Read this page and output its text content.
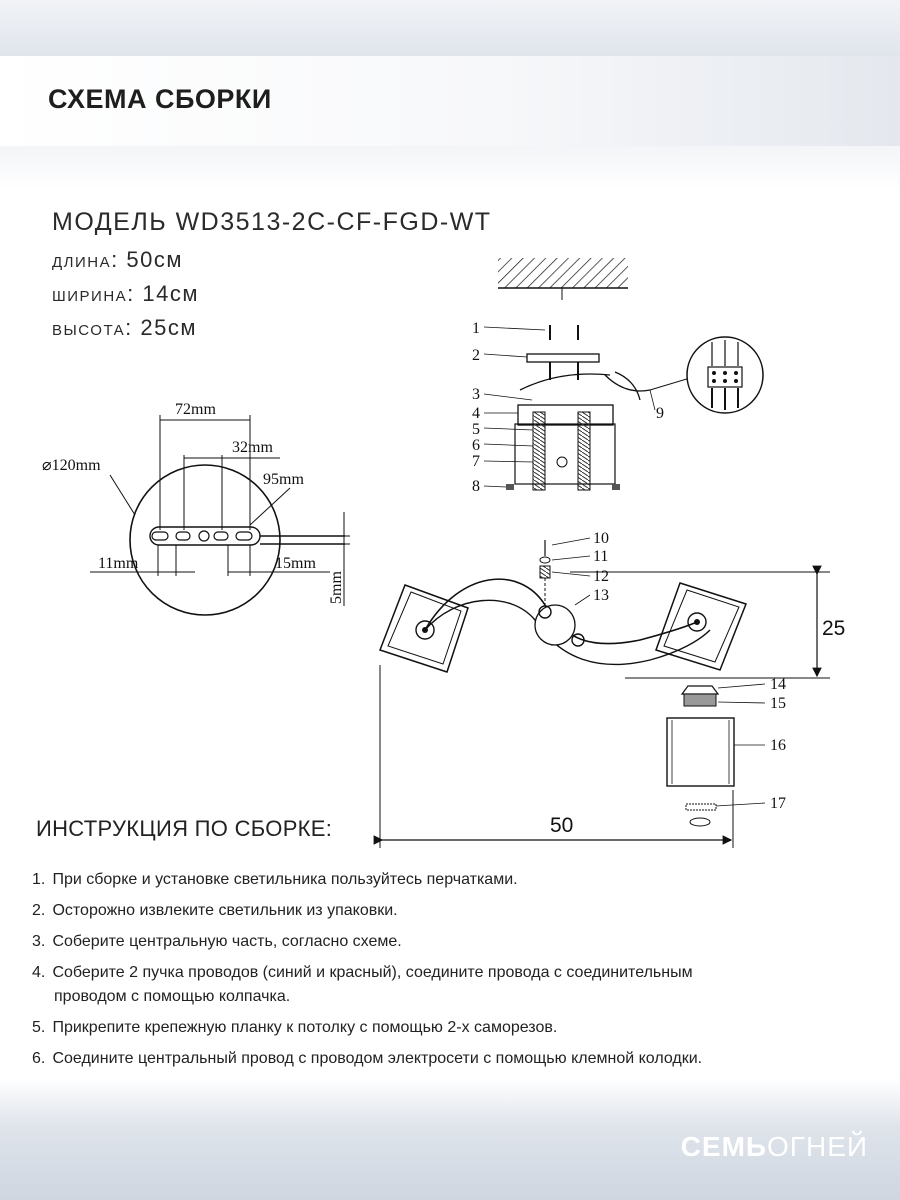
СХЕМА СБОРКИ
МОДЕЛЬ WD3513-2C-CF-FGD-WT
длина: 50см
ширина: 14см
высота: 25см
72mm
32mm
⌀120mm
95mm
11mm	15mm
5mm
1
2
3
4
5
6
7
8
9
10
11
12
13
14
15
16
17
25
50
ИНСТРУКЦИЯ ПО СБОРКЕ:
1. При сборке и установке светильника пользуйтесь перчатками.
2. Осторожно извлеките светильник из упаковки.
3. Соберите центральную часть, согласно схеме.
4. Соберите 2 пучка проводов (синий и красный), соедините провода с соединительным
проводом с помощью колпачка.
5. Прикрепите крепежную планку к потолку с помощью 2-х саморезов.
6. Соедините центральный провод с проводом электросети с помощью клемной колодки.
СЕМЬОГНЕЙ
